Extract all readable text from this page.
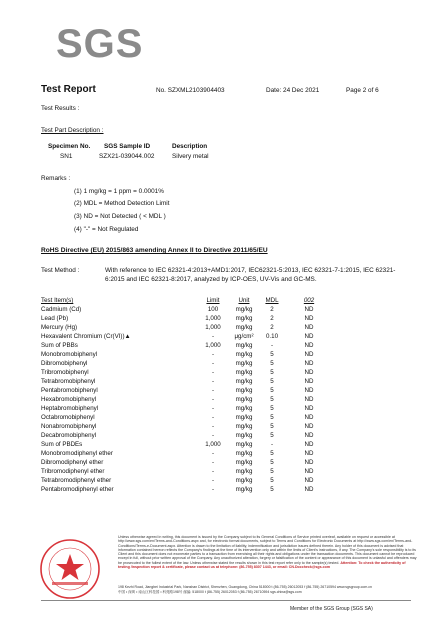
SGS
Test Report	No. SZXML2103904403	Date: 24 Dec 2021	Page 2 of 6
Test Results :
Test Part Description :
Specimen No. SGS Sample ID	Description
SN1	SZX21-039044.002	Silvery metal
Remarks :
(1) 1 mg/kg = 1 ppm = 0.0001%
(2) MDL = Method Detection Limit
(3) ND = Not Detected ( < MDL )
(4) "-" = Not Regulated
RoHS Directive (EU) 2015/863 amending Annex II to Directive 2011/65/EU
Test Method :	With reference to IEC 62321-4:2013+AMD1:2017, IEC62321-5:2013, IEC 62321-7-1:2015, IEC 62321-6:2015 and IEC 62321-8:2017, analyzed by ICP-OES, UV-Vis and GC-MS.
Test Item(s)	Limit	Unit	MDL	002
Cadmium (Cd)	100	mg/kg	2	ND
Lead (Pb)	1,000	mg/kg	2	ND
Mercury (Hg)	1,000	mg/kg	2	ND
Hexavalent Chromium (Cr(VI))▲	-	μg/cm²	0.10	ND
Sum of PBBs	1,000	mg/kg	-	ND
Monobromobiphenyl	-	mg/kg	5	ND
Dibromobiphenyl	-	mg/kg	5	ND
Tribromobiphenyl	-	mg/kg	5	ND
Tetrabromobiphenyl	-	mg/kg	5	ND
Pentabromobiphenyl	-	mg/kg	5	ND
Hexabromobiphenyl	-	mg/kg	5	ND
Heptabromobiphenyl	-	mg/kg	5	ND
Octabromobiphenyl	-	mg/kg	5	ND
Nonabromobiphenyl	-	mg/kg	5	ND
Decabromobiphenyl	-	mg/kg	5	ND
Sum of PBDEs	1,000	mg/kg	-	ND
Monobromodiphenyl ether	-	mg/kg	5	ND
Dibromodiphenyl ether	-	mg/kg	5	ND
Tribromodiphenyl ether	-	mg/kg	5	ND
Tetrabromodiphenyl ether	-	mg/kg	5	ND
Pentabromodiphenyl ether	-	mg/kg	5	ND
Unless otherwise agreed in writing, this document is issued by the Company subject to its General Conditions of Service printed overleaf, available on request or accessible at http://www.sgs.com/en/Terms-and-Conditions.aspx and, for electronic format documents, subject to Terms and Conditions for Electronic Documents at http://www.sgs.com/en/Terms-and-Conditions/Terms-e-Document.aspx. Attention is drawn to the limitation of liability, indemnification and jurisdiction issues defined therein. Any holder of this document is advised that information contained hereon reflects the Company's findings at the time of its intervention only and within the limits of Client's instructions, if any. The Company's sole responsibility is to its Client and this document does not exonerate parties to a transaction from exercising all their rights and obligations under the transaction documents. This document cannot be reproduced except in full, without prior written approval of the Company. Any unauthorized alteration, forgery or falsification of the content or appearance of this document is unlawful and offenders may be prosecuted to the fullest extent of the law. Unless otherwise stated the results shown in this test report refer only to the sample(s) tested. Attention: To check the authenticity of testing /inspection report & certificate, please contact us at telephone: (86-755) 8307 1443, or email: CN.Doccheck@sgs.com
198 Kezhi Road, Jiangbei Industrial Park, Nanshan District, Shenzhen, Guangdong, China 518000 t (86-755) 26012053 f (86-755) 26710594 www.sgsgroup.com.cn
中国 • 深圳 • 南山区科技园 • 科苑路198号 邮编: 518000 t (86-755) 26012053 f (86-755) 26710594 sgs.china@sgs.com
Member of the SGS Group (SGS SA)
